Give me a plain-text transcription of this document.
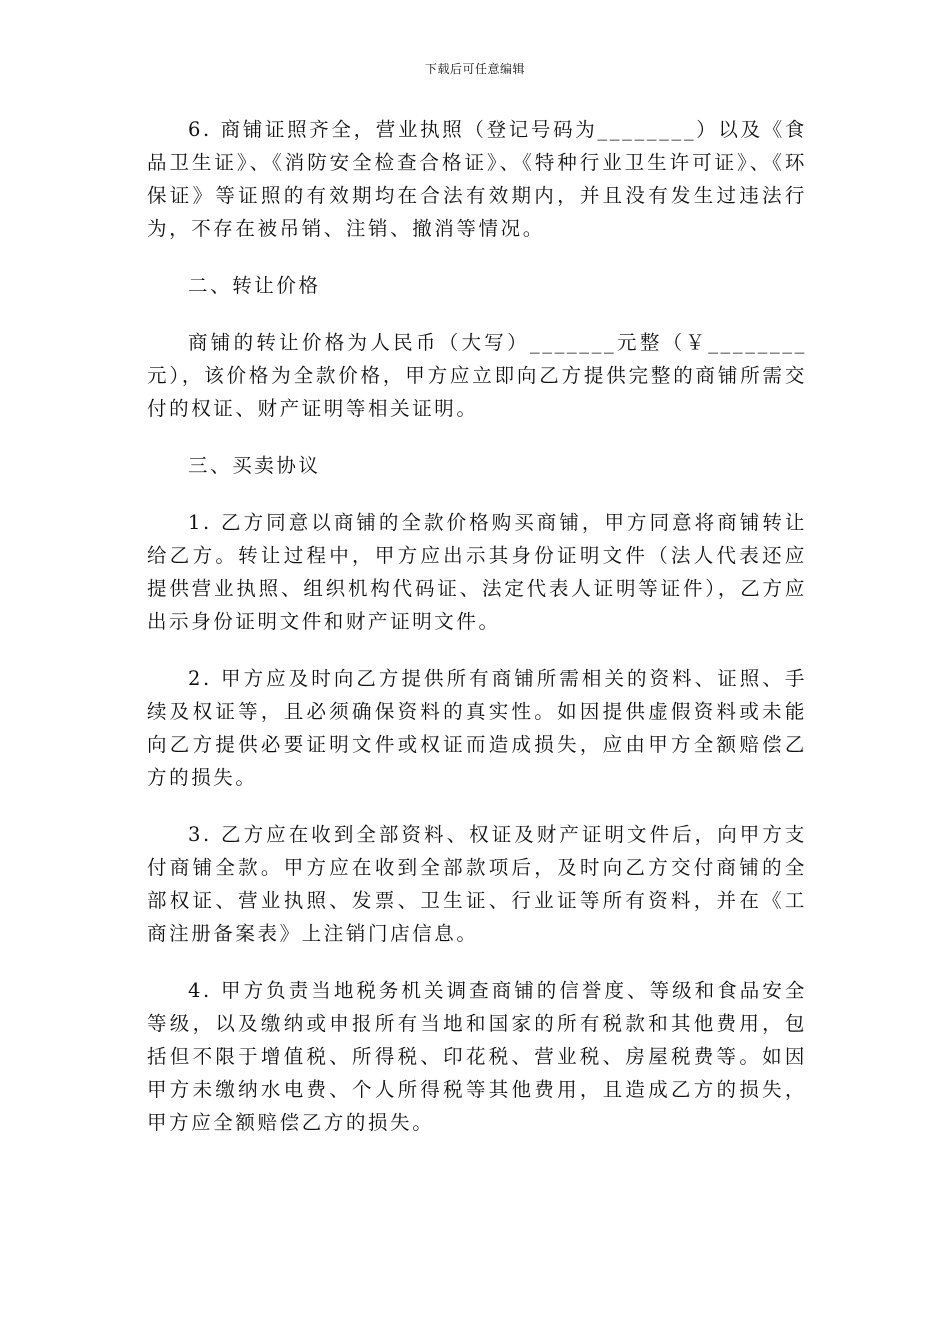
下载后可任意编辑

6. 商铺证照齐全，营业执照（登记号码为________）以及《食品卫生证》、《消防安全检查合格证》、《特种行业卫生许可证》、《环保证》等证照的有效期均在合法有效期内，并且没有发生过违法行为，不存在被吊销、注销、撤消等情况。

二、转让价格

商铺的转让价格为人民币（大写）_______元整（￥________元），该价格为全款价格，甲方应立即向乙方提供完整的商铺所需交付的权证、财产证明等相关证明。

三、买卖协议

1. 乙方同意以商铺的全款价格购买商铺，甲方同意将商铺转让给乙方。转让过程中，甲方应出示其身份证明文件（法人代表还应提供营业执照、组织机构代码证、法定代表人证明等证件），乙方应出示身份证明文件和财产证明文件。

2. 甲方应及时向乙方提供所有商铺所需相关的资料、证照、手续及权证等，且必须确保资料的真实性。如因提供虚假资料或未能向乙方提供必要证明文件或权证而造成损失，应由甲方全额赔偿乙方的损失。

3. 乙方应在收到全部资料、权证及财产证明文件后，向甲方支付商铺全款。甲方应在收到全部款项后，及时向乙方交付商铺的全部权证、营业执照、发票、卫生证、行业证等所有资料，并在《工商注册备案表》上注销门店信息。

4. 甲方负责当地税务机关调查商铺的信誉度、等级和食品安全等级，以及缴纳或申报所有当地和国家的所有税款和其他费用，包括但不限于增值税、所得税、印花税、营业税、房屋税费等。如因甲方未缴纳水电费、个人所得税等其他费用，且造成乙方的损失，甲方应全额赔偿乙方的损失。
